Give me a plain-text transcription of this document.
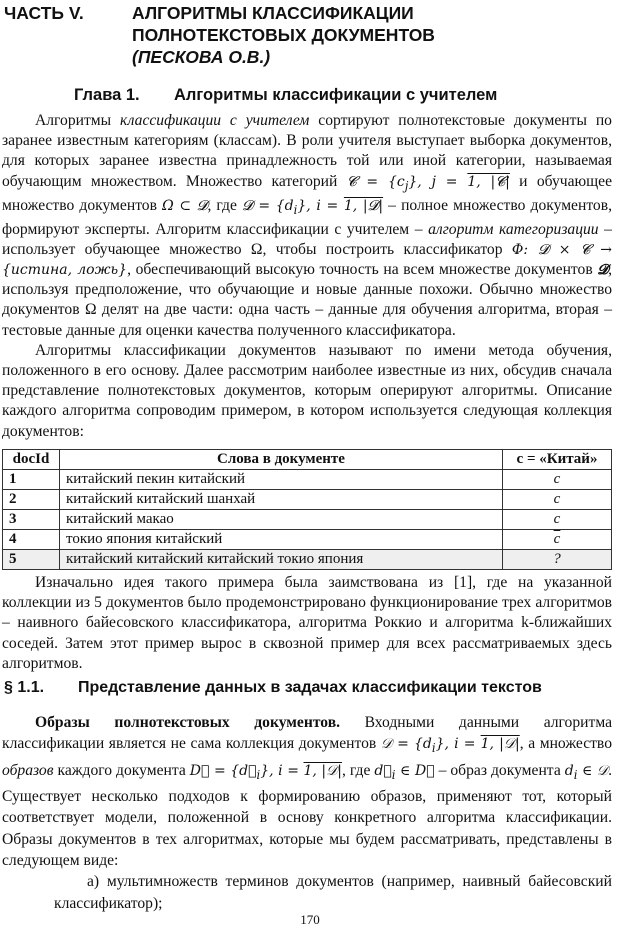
ЧАСТЬ V.	АЛГОРИТМЫ КЛАССИФИКАЦИИ
ПОЛНОТЕКСТОВЫХ ДОКУМЕНТОВ
(ПЕСКОВА О.В.)
Глава 1. Алгоритмы классификации с учителем

Алгоритмы классификации с учителем сортируют полнотекстовые документы по заранее известным категориям (классам). В роли учителя выступает выборка документов, для которых заранее известна принадлежность той или иной категории, называемая обучающим множеством. Множество категорий 𝓒 = $\{c_j\}$, j = 1, |𝓒| и обучающее множество документов Ω ⊂ 𝓓, где 𝓓 = $\{d_i\}$, i = 1, |𝓓| – полное множество документов, формируют эксперты. Алгоритм классификации с учителем – алгоритм категоризации – использует обучающее множество Ω, чтобы построить классификатор Φ: 𝓓 × 𝓒 → {истина, ложь}, обеспечивающий высокую точность на всем множестве документов 𝓓, используя предположение, что обучающие и новые данные похожи. Обычно множество документов Ω делят на две части: одна часть – данные для обучения алгоритма, вторая – тестовые данные для оценки качества полученного классификатора.

Алгоритмы классификации документов называют по имени метода обучения, положенного в его основу. Далее рассмотрим наиболее известные из них, обсудив сначала представление полнотекстовых документов, которым оперируют алгоритмы. Описание каждого алгоритма сопроводим примером, в котором используется следующая коллекция документов:

docId	Слова в документе	c = «Китай»
1	китайский пекин китайский	c
2	китайский китайский шанхай	c
3	китайский макао	c
4	токио япония китайский	$\overline{c}$
5	китайский китайский китайский токио япония	?

Изначально идея такого примера была заимствована из [1], где на указанной коллекции из 5 документов было продемонстрировано функционирование трех алгоритмов – наивного байесовского классификатора, алгоритма Роккио и алгоритма k-ближайших соседей. Затем этот пример вырос в сквозной пример для всех рассматриваемых здесь алгоритмов.

§ 1.1. Представление данных в задачах классификации текстов

Образы полнотекстовых документов. Входными данными алгоритма классификации является не сама коллекция документов 𝒟 = $\{d_i\}$, i = 1, |𝒟|, а множество образов каждого документа D⃗ = $\{d⃗_i\}$, i = 1, |𝒟|, где $d⃗_i$ ∈ D⃗ – образ документа $d_i$ ∈ 𝒟. Существует несколько подходов к формированию образов, применяют тот, который соответствует модели, положенной в основу конкретного алгоритма классификации. Образы документов в тех алгоритмах, которые мы будем рассматривать, представлены в следующем виде:

а) мультимножеств терминов документов (например, наивный байесовский классификатор);

170
